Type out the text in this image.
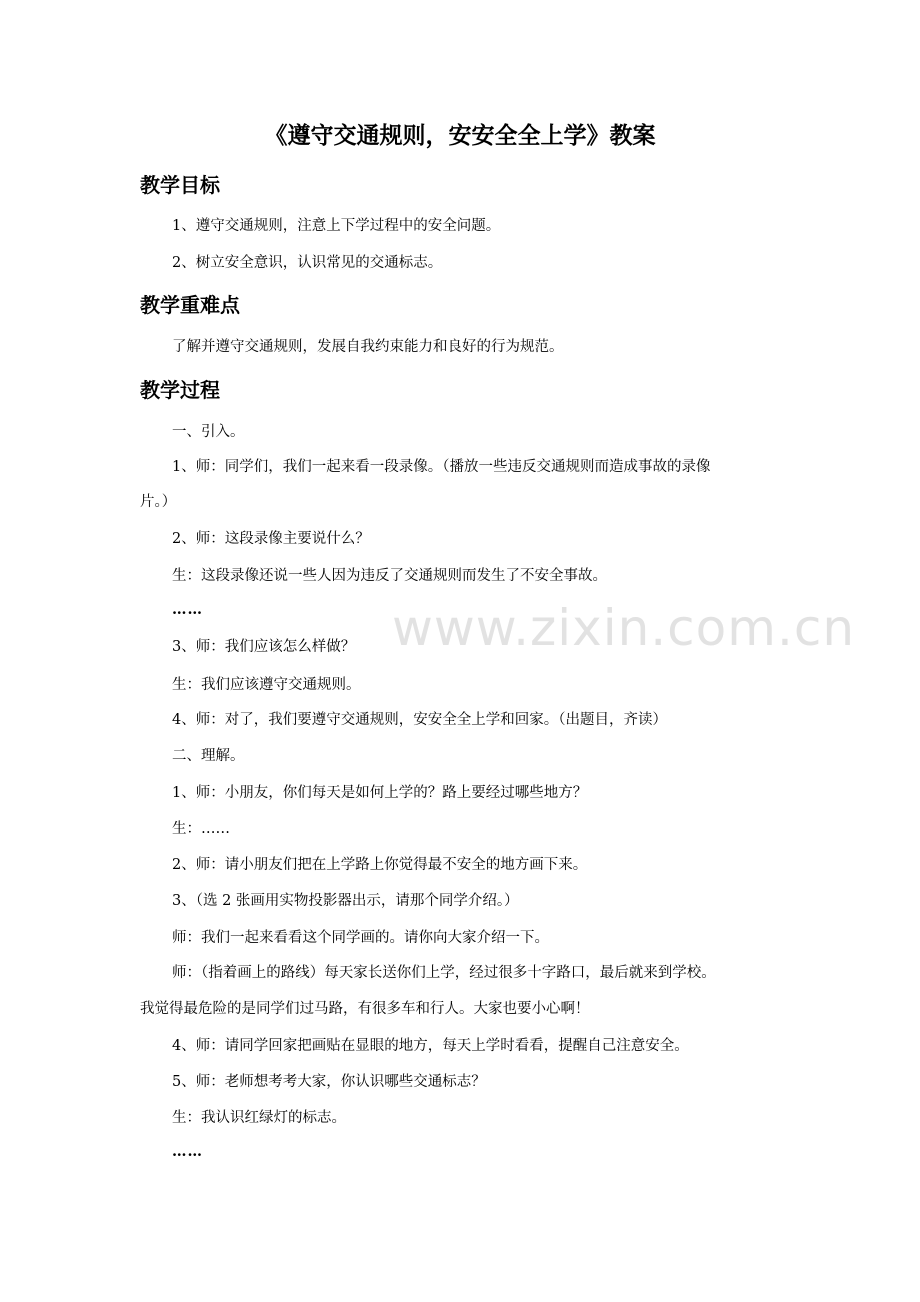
www.zixin.com.cn
《遵守交通规则，安安全全上学》教案
教学目标
1、遵守交通规则，注意上下学过程中的安全问题。
2、树立安全意识，认识常见的交通标志。
教学重难点
了解并遵守交通规则，发展自我约束能力和良好的行为规范。
教学过程
一、引入。
1、师：同学们，我们一起来看一段录像。（播放一些违反交通规则而造成事故的录像
片。）
2、师：这段录像主要说什么？
生：这段录像还说一些人因为违反了交通规则而发生了不安全事故。
……
3、师：我们应该怎么样做？
生：我们应该遵守交通规则。
4、师：对了，我们要遵守交通规则，安安全全上学和回家。（出题目，齐读）
二、理解。
1、师：小朋友，你们每天是如何上学的？路上要经过哪些地方？
生：……
2、师：请小朋友们把在上学路上你觉得最不安全的地方画下来。
3、（选 2 张画用实物投影器出示，请那个同学介绍。）
师：我们一起来看看这个同学画的。请你向大家介绍一下。
师：（指着画上的路线）每天家长送你们上学，经过很多十字路口，最后就来到学校。
我觉得最危险的是同学们过马路，有很多车和行人。大家也要小心啊！
4、师：请同学回家把画贴在显眼的地方，每天上学时看看，提醒自己注意安全。
5、师：老师想考考大家，你认识哪些交通标志？
生：我认识红绿灯的标志。
……
